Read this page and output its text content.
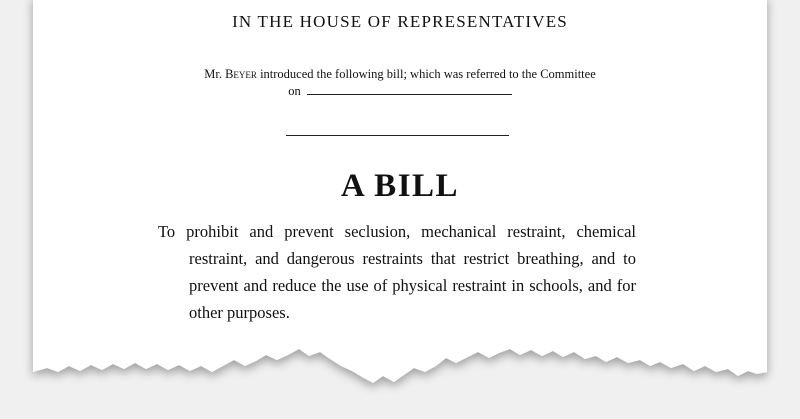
IN THE HOUSE OF REPRESENTATIVES
Mr. Beyer introduced the following bill; which was referred to the Committee
on
A BILL
To prohibit and prevent seclusion, mechanical restraint, chemical restraint, and dangerous restraints that restrict breathing, and to prevent and reduce the use of physical restraint in schools, and for other purposes.
